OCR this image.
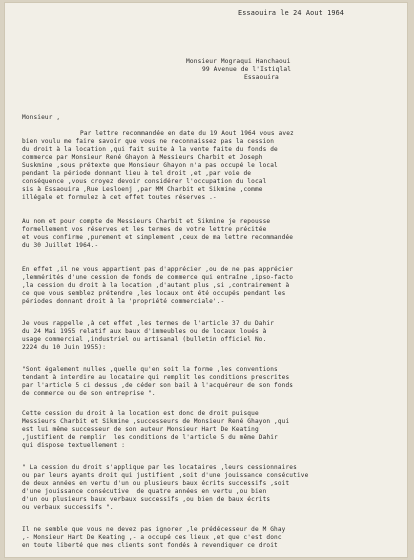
Essaouira le 24 Aout 1964
Monsieur Mograqui Hanchaoui
99 Avenue de l'Istiqlal
Essaouira
Monsieur ,
Par lettre recommandée en date du 19 Aout 1964 vous avez
bien voulu me faire savoir que vous ne reconnaissez pas la cession
du droit à la location ,qui fait suite à la vente faite du fonds de
commerce par Monsieur René Ghayon à Messieurs Charbit et Joseph
Suskmine ,sous prétexte que Monsieur Ghayon n'a pas occupé le local
pendant la période donnant lieu à tel droit ,et ,par voie de
conséquence ,vous croyez devoir considérer l'occupation du local
sis à Essaouira ,Rue Lesloenj ,par MM Charbit et Sikmine ,comme
illégale et formulez à cet effet toutes réserves .-
Au nom et pour compte de Messieurs Charbit et Sikmine je repousse
formellement vos réserves et les termes de votre lettre précitée
et vous confirme ,purement et simplement ,ceux de ma lettre recommandée
du 30 Juillet 1964.-
En effet ,il ne vous appartient pas d'apprécier ,ou de ne pas apprécier
,lemmérités d'une cession de fonds de commerce qui entraîne ,ipso-facto
,la cession du droit à la location ,d'autant plus ,si ,contrairement à
ce que vous semblez prétendre ,les locaux ont été occupés pendant les
périodes donnant droit à la 'propriété commerciale'.-
Je vous rappelle ,à cet effet ,les termes de l'article 37 du Dahir
du 24 Mai 1955 relatif aux baux d'immeubles ou de locaux loués à
usage commercial ,industriel ou artisanal (bulletin officiel No.
2224 du 10 Juin 1955):
"Sont également nulles ,quelle qu'en soit la forme ,les conventions
tendant à interdire au locataire qui remplit les conditions prescrites
par l'article 5 ci dessus ,de céder son bail à l'acquéreur de son fonds
de commerce ou de son entreprise ".
Cette cession du droit à la location est donc de droit puisque
Messieurs Charbit et Sikmine ,successeurs de Monsieur René Ghayon ,qui
est lui même successeur de son auteur Monsieur Hart De Keating
,justifient de remplir  les conditions de l'article 5 du même Dahir
qui dispose textuellement :
" La cession du droit s'applique par les locataires ,leurs cessionnaires
ou par leurs ayants droit qui justifient ,soit d'une jouissance consécutive
de deux années en vertu d'un ou plusieurs baux écrits successifs ,soit
d'une jouissance consécutive  de quatre années en vertu ,ou bien
d'un ou plusieurs baux verbaux successifs ,ou bien de baux écrits
ou verbaux successifs ".
Il ne semble que vous ne devez pas ignorer ,le prédécesseur de M Ghay
,- Monsieur Hart De Keating ,- a occupé ces lieux ,et que c'est donc
en toute liberté que mes clients sont fondés à revendiquer ce droit
